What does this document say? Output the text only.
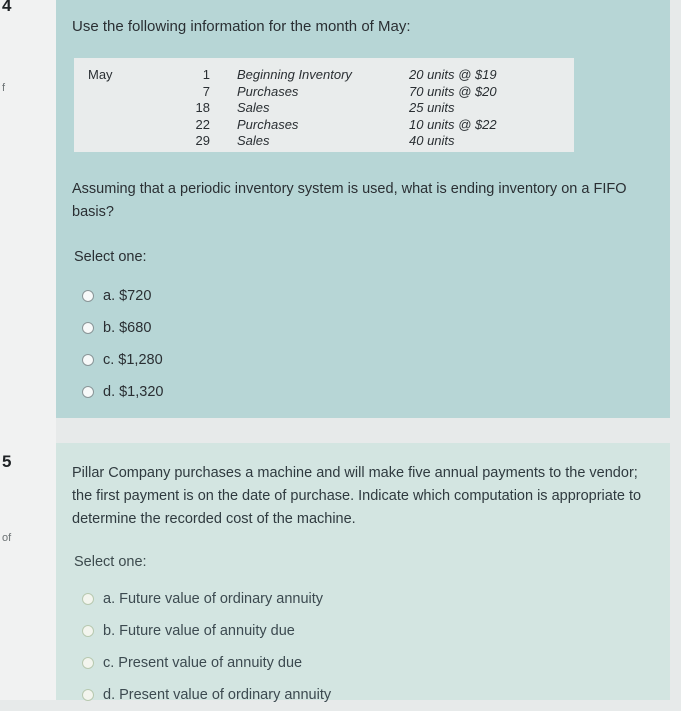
4
f
5
of
Use the following information for the month of May:
May	1
7
18
22
29
Beginning Inventory
Purchases
Sales
Purchases
Sales
20 units @ $19
70 units @ $20
25 units
10 units @ $22
40 units
Assuming that a periodic inventory system is used, what is ending inventory on a FIFO basis?
Select one:
a. $720
b. $680
c. $1,280
d. $1,320
Pillar Company purchases a machine and will make five annual payments to the vendor; the first payment is on the date of purchase. Indicate which computation is appropriate to determine the recorded cost of the machine.
Select one:
a. Future value of ordinary annuity
b. Future value of annuity due
c. Present value of annuity due
d. Present value of ordinary annuity
